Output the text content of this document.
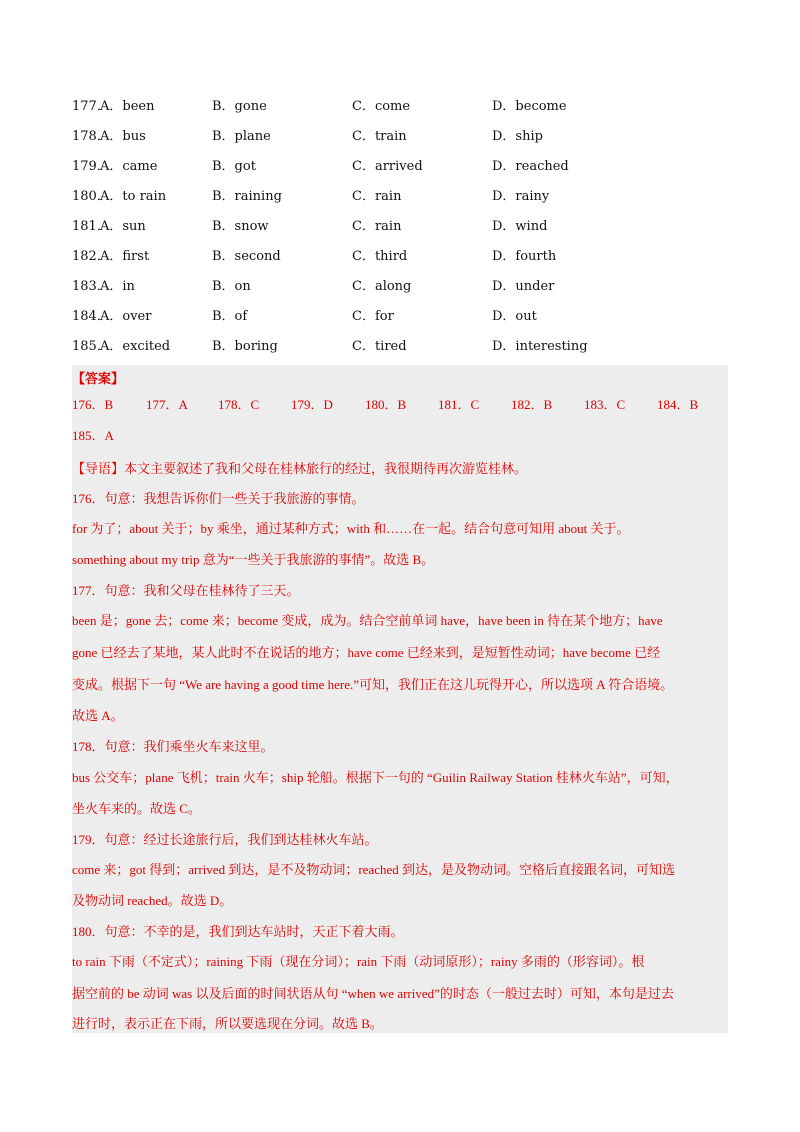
177．
A．been	B．gone	C．come	D．become
178．
A．bus	B．plane	C．train	D．ship
179．
A．came	B．got	C．arrived	D．reached
180．
A．to rain	B．raining	C．rain	D．rainy
181．
A．sun	B．snow	C．rain	D．wind
182．
A．first	B．second	C．third	D．fourth
183．
A．in	B．on	C．along	D．under
184．
A．over	B．of	C．for	D．out
185．
A．excited	B．boring	C．tired	D．interesting
【答案】
176．B	177．A 178．C 179．D 180．B 181．C 182．B 183．C 184．B
185．A
【导语】本文主要叙述了我和父母在桂林旅行的经过，我很期待再次游览桂林。
176．句意：我想告诉你们一些关于我旅游的事情。
for 为了；about 关于；by 乘坐，通过某种方式；with 和……在一起。结合句意可知用 about 关于。
something about my trip 意为“一些关于我旅游的事情”。故选 B。
177．句意：我和父母在桂林待了三天。
been 是；gone 去；come 来；become 变成，成为。结合空前单词 have，have been in 待在某个地方；have
gone 已经去了某地，某人此时不在说话的地方；have come 已经来到，是短暂性动词；have become 已经
变成。根据下一句 “We are having a good time here.”可知，我们正在这儿玩得开心，所以选项 A 符合语境。
故选 A。
178．句意：我们乘坐火车来这里。
bus 公交车；plane 飞机；train 火车；ship 轮船。根据下一句的 “Guilin Railway Station 桂林火车站”，可知，
坐火车来的。故选 C。
179．句意：经过长途旅行后，我们到达桂林火车站。
come 来；got 得到；arrived 到达，是不及物动词；reached 到达，是及物动词。空格后直接跟名词，可知选
及物动词 reached。故选 D。
180．句意：不幸的是，我们到达车站时，天正下着大雨。
to rain 下雨（不定式）；raining 下雨（现在分词）；rain 下雨（动词原形）；rainy 多雨的（形容词）。根
据空前的 be 动词 was 以及后面的时间状语从句 “when we arrived”的时态（一般过去时）可知，本句是过去
进行时，表示正在下雨，所以要选现在分词。故选 B。
